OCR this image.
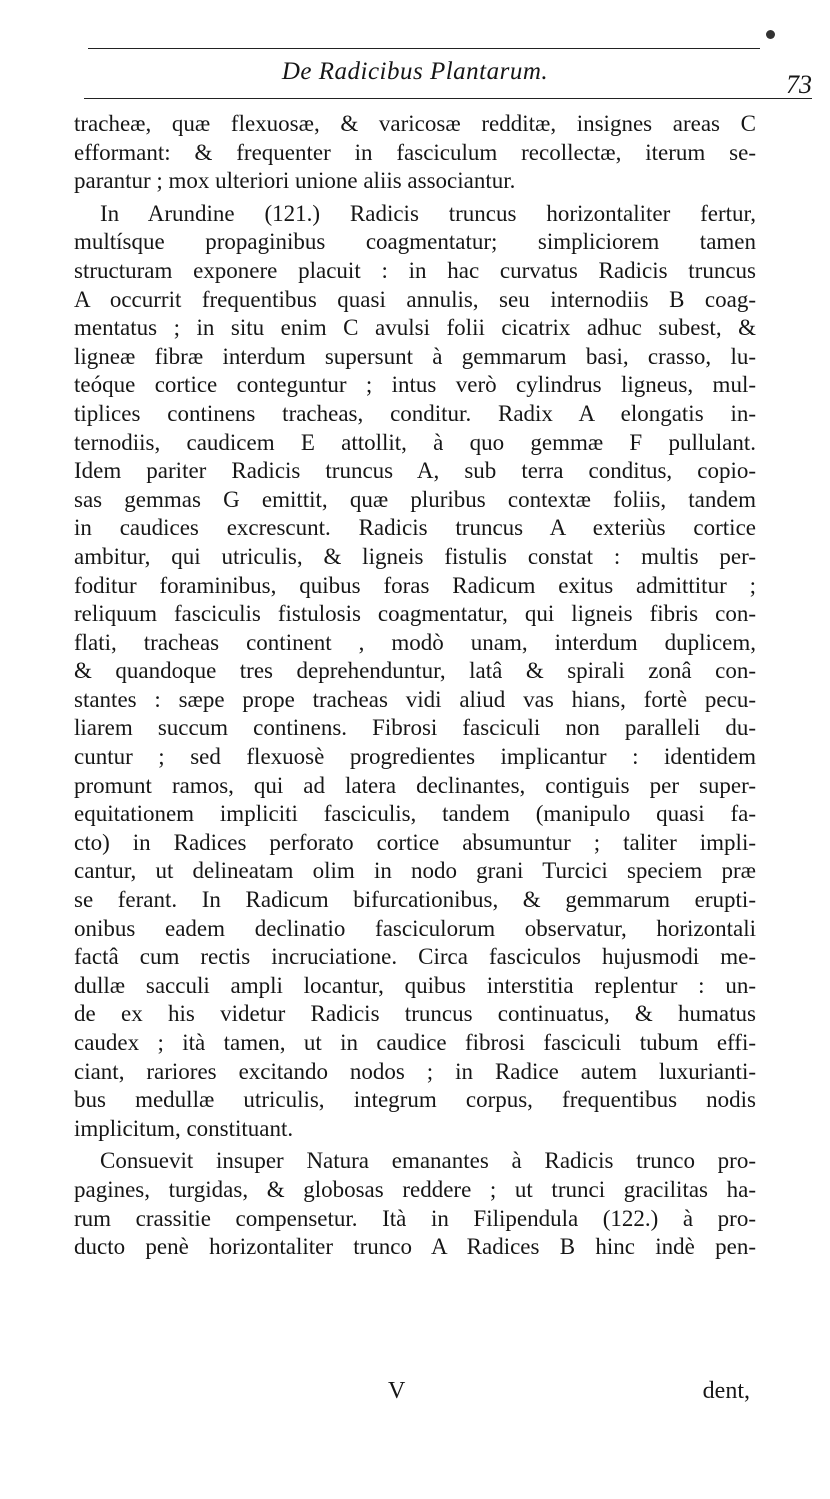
De Radicibus Plantarum.	73
tracheæ, quæ flexuosæ, & varicosæ redditæ, insignes areas C
efformant: & frequenter in fasciculum recollectæ, iterum se-
parantur ; mox ulteriori unione aliis associantur.
In Arundine (121.) Radicis truncus horizontaliter fertur,
multísque propaginibus coagmentatur; simpliciorem tamen
structuram exponere placuit : in hac curvatus Radicis truncus
A occurrit frequentibus quasi annulis, seu internodiis B coag-
mentatus ; in situ enim C avulsi folii cicatrix adhuc subest, &
ligneæ fibræ interdum supersunt à gemmarum basi, crasso, lu-
teóque cortice conteguntur ; intus verò cylindrus ligneus, mul-
tiplices continens tracheas, conditur. Radix A elongatis in-
ternodiis, caudicem E attollit, à quo gemmæ F pullulant.
Idem pariter Radicis truncus A, sub terra conditus, copio-
sas gemmas G emittit, quæ pluribus contextæ foliis, tandem
in caudices excrescunt. Radicis truncus A exteriùs cortice
ambitur, qui utriculis, & ligneis fistulis constat : multis per-
foditur foraminibus, quibus foras Radicum exitus admittitur ;
reliquum fasciculis fistulosis coagmentatur, qui ligneis fibris con-
flati, tracheas continent , modò unam, interdum duplicem,
& quandoque tres deprehenduntur, latâ & spirali zonâ con-
stantes : sæpe prope tracheas vidi aliud vas hians, fortè pecu-
liarem succum continens. Fibrosi fasciculi non paralleli du-
cuntur ; sed flexuosè progredientes implicantur : identidem
promunt ramos, qui ad latera declinantes, contiguis per super-
equitationem impliciti fasciculis, tandem (manipulo quasi fa-
cto) in Radices perforato cortice absumuntur ; taliter impli-
cantur, ut delineatam olim in nodo grani Turcici speciem præ
se ferant. In Radicum bifurcationibus, & gemmarum erupti-
onibus eadem declinatio fasciculorum observatur, horizontali
factâ cum rectis incruciatione. Circa fasciculos hujusmodi me-
dullæ sacculi ampli locantur, quibus interstitia replentur : un-
de ex his videtur Radicis truncus continuatus, & humatus
caudex ; ità tamen, ut in caudice fibrosi fasciculi tubum effi-
ciant, rariores excitando nodos ; in Radice autem luxurianti-
bus medullæ utriculis, integrum corpus, frequentibus nodis
implicitum, constituant.
Consuevit insuper Natura emanantes à Radicis trunco pro-
pagines, turgidas, & globosas reddere ; ut trunci gracilitas ha-
rum crassitie compensetur. Ità in Filipendula (122.) à pro-
ducto penè horizontaliter trunco A Radices B hinc indè pen-
V	dent,
